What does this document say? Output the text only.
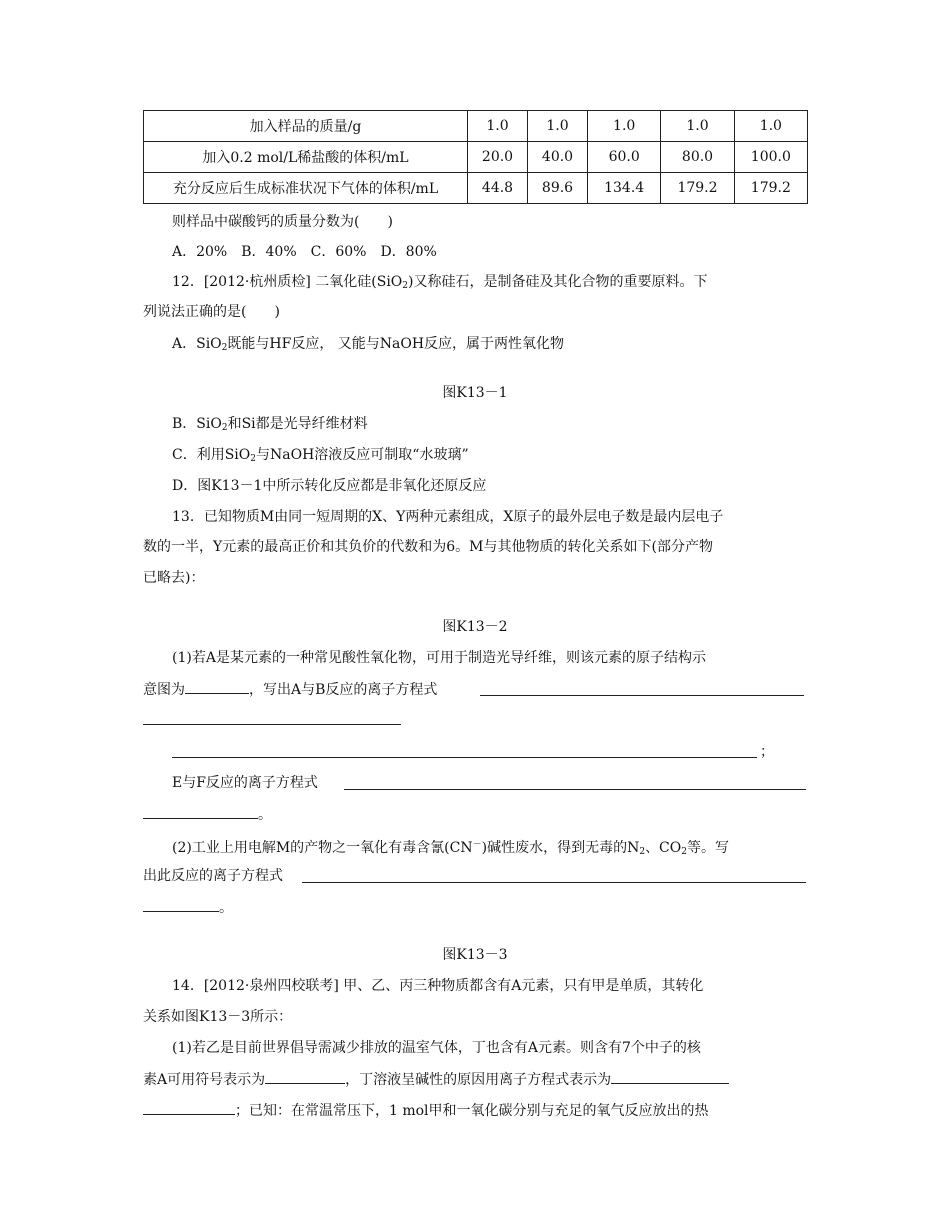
加入样品的质量/g	1.0	1.0	1.0	1.0	1.0
加入0.2 mol/L稀盐酸的体积/mL	20.0	40.0	60.0	80.0	100.0
充分反应后生成标准状况下气体的体积/mL	44.8	89.6	134.4	179.2	179.2
则样品中碳酸钙的质量分数为(　　)
A．20%　B．40%　C．60%　D．80%
12．[2012·杭州质检] 二氧化硅(SiO$_2$)又称硅石，是制备硅及其化合物的重要原料。下
列说法正确的是(　　)
A．SiO$_2$既能与HF反应， 又能与NaOH反应，属于两性氧化物
图K13－1
B．SiO$_2$和Si都是光导纤维材料
C．利用SiO$_2$与NaOH溶液反应可制取“水玻璃”
D．图K13－1中所示转化反应都是非氧化还原反应
13．已知物质M由同一短周期的X、Y两种元素组成，X原子的最外层电子数是最内层电子
数的一半，Y元素的最高正价和其负价的代数和为6。M与其他物质的转化关系如下(部分产物
已略去)：
图K13－2
(1)若A是某元素的一种常见酸性氧化物，可用于制造光导纤维，则该元素的原子结构示
意图为	，写出A与B反应的离子方程式
；
E与F反应的离子方程式
。
(2)工业上用电解M的产物之一氧化有毒含氰(CN－)碱性废水，得到无毒的$N_2$、$CO_2$等。写
出此反应的离子方程式
。
图K13－3
14．[2012·泉州四校联考] 甲、乙、丙三种物质都含有A元素，只有甲是单质，其转化
关系如图K13－3所示：
(1)若乙是目前世界倡导需减少排放的温室气体，丁也含有A元素。则含有7个中子的核
素A可用符号表示为	，丁溶液呈碱性的原因用离子方程式表示为
；已知：在常温常压下，1 mol甲和一氧化碳分别与充足的氧气反应放出的热
